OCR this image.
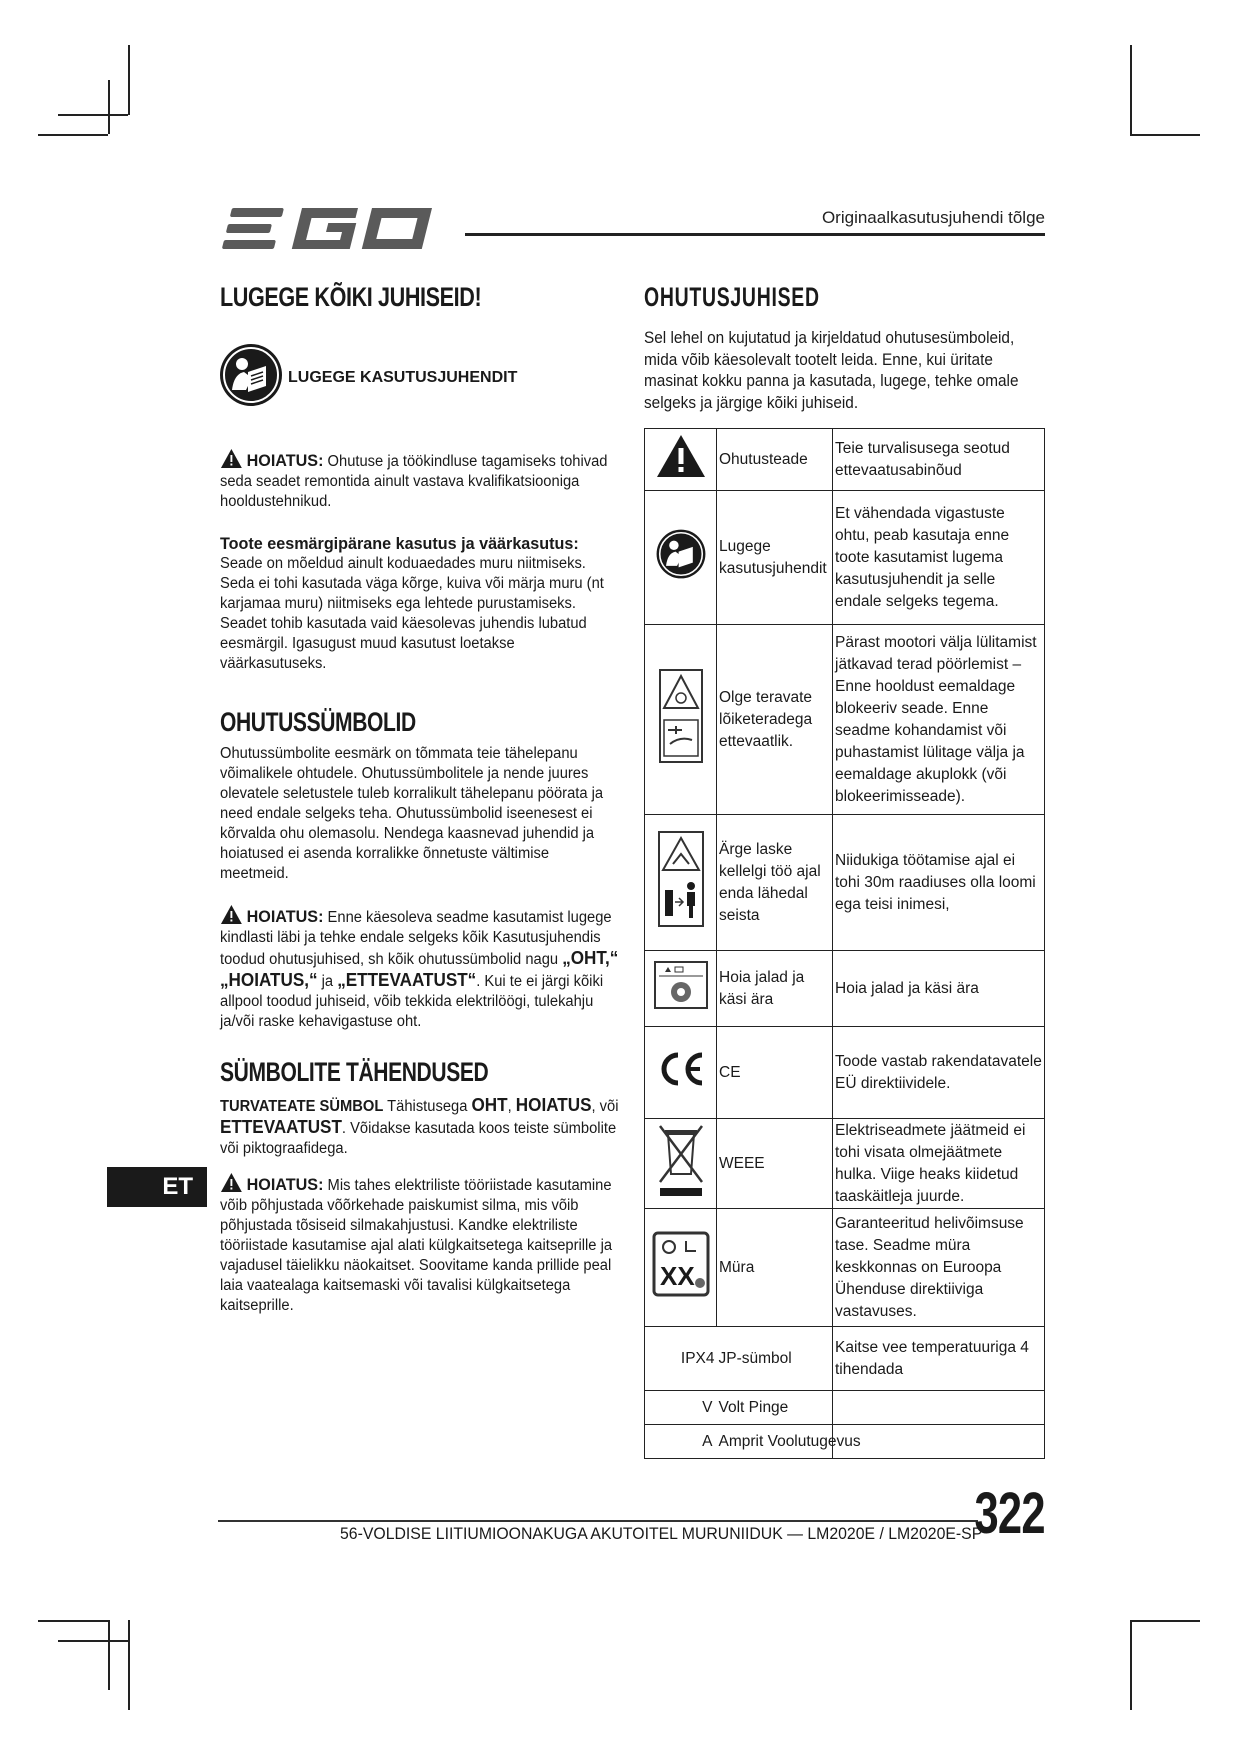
Originaalkasutusjuhendi tõlge
LUGEGE KÕIKI JUHISEID!
LUGEGE KASUTUSJUHENDIT
HOIATUS: Ohutuse ja töökindluse tagamiseks tohivad seda seadet remontida ainult vastava kvalifikatsiooniga hooldustehnikud.
Toote eesmärgipärane kasutus ja väärkasutus:
Seade on mõeldud ainult koduaedades muru niitmiseks. Seda ei tohi kasutada väga kõrge, kuiva või märja muru (nt karjamaa muru) niitmiseks ega lehtede purustamiseks. Seadet tohib kasutada vaid käesolevas juhendis lubatud eesmärgil. Igasugust muud kasutust loetakse väärkasutuseks.
OHUTUSSÜMBOLID
Ohutussümbolite eesmärk on tõmmata teie tähelepanu võimalikele ohtudele. Ohutussümbolitele ja nende juures olevatele seletustele tuleb korralikult tähelepanu pöörata ja need endale selgeks teha. Ohutussümbolid iseenesest ei kõrvalda ohu olemasolu. Nendega kaasnevad juhendid ja hoiatused ei asenda korralikke õnnetuste vältimise meetmeid.
HOIATUS: Enne käesoleva seadme kasutamist lugege kindlasti läbi ja tehke endale selgeks kõik Kasutusjuhendis toodud ohutusjuhised, sh kõik ohutussümbolid nagu „OHT,“ „HOIATUS,“ ja „ETTEVAATUST“. Kui te ei järgi kõiki allpool toodud juhiseid, võib tekkida elektrilöögi, tulekahju ja/või raske kehavigastuse oht.
SÜMBOLITE TÄHENDUSED
TURVATEATE SÜMBOL Tähistusega OHT, HOIATUS, või ETTEVAATUST. Võidakse kasutada koos teiste sümbolite või piktograafidega.
ET	HOIATUS: Mis tahes elektriliste tööriistade kasutamine võib põhjustada võõrkehade paiskumist silma, mis võib põhjustada tõsiseid silmakahjustusi. Kandke elektriliste tööriistade kasutamise ajal alati külgkaitsetega kaitseprille ja vajadusel täielikku näokaitset. Soovitame kanda prillide peal laia vaatealaga kaitsemaski või tavalisi külgkaitsetega kaitseprille.
OHUTUSJUHISED
Sel lehel on kujutatud ja kirjeldatud ohutusesümboleid, mida võib käesolevalt tootelt leida. Enne, kui üritate masinat kokku panna ja kasutada, lugege, tehke omale selgeks ja järgige kõiki juhiseid.
	Ohutusteade	Teie turvalisusega seotud ettevaatusabinõud
	Lugege kasutusjuhendit	Et vähendada vigastuste ohtu, peab kasutaja enne toote kasutamist lugema kasutusjuhendit ja selle endale selgeks tegema.
	Olge teravate lõiketeradega ettevaatlik.	Pärast mootori välja lülitamist jätkavad terad pöörlemist – Enne hooldust eemaldage blokeeriv seade. Enne seadme kohandamist või puhastamist lülitage välja ja eemaldage akuplokk (või blokeerimisseade).
	Ärge laske kellelgi töö ajal enda lähedal seista	Niidukiga töötamise ajal ei tohi 30m raadiuses olla loomi ega teisi inimesi,
	Hoia jalad ja käsi ära	Hoia jalad ja käsi ära
	CE	Toode vastab rakendatavatele EÜ direktiividele.
	WEEE	Elektriseadmete jäätmeid ei tohi visata olmejäätmete hulka. Viige heaks kiidetud taaskäitleja juurde.

XX	Müra	Garanteeritud helivõimsuse tase. Seadme müra keskkonnas on Euroopa Ühenduse direktiiviga vastavuses.
IPX4	JP-sümbol	Kaitse vee temperatuuriga 4 tihendada
V	Volt Pinge	
A	Amprit Voolutugevus	
56-VOLDISE LIITIUMIOONAKUGA AKUTOITEL MURUNIIDUK — LM2020E / LM2020E-SP
322
